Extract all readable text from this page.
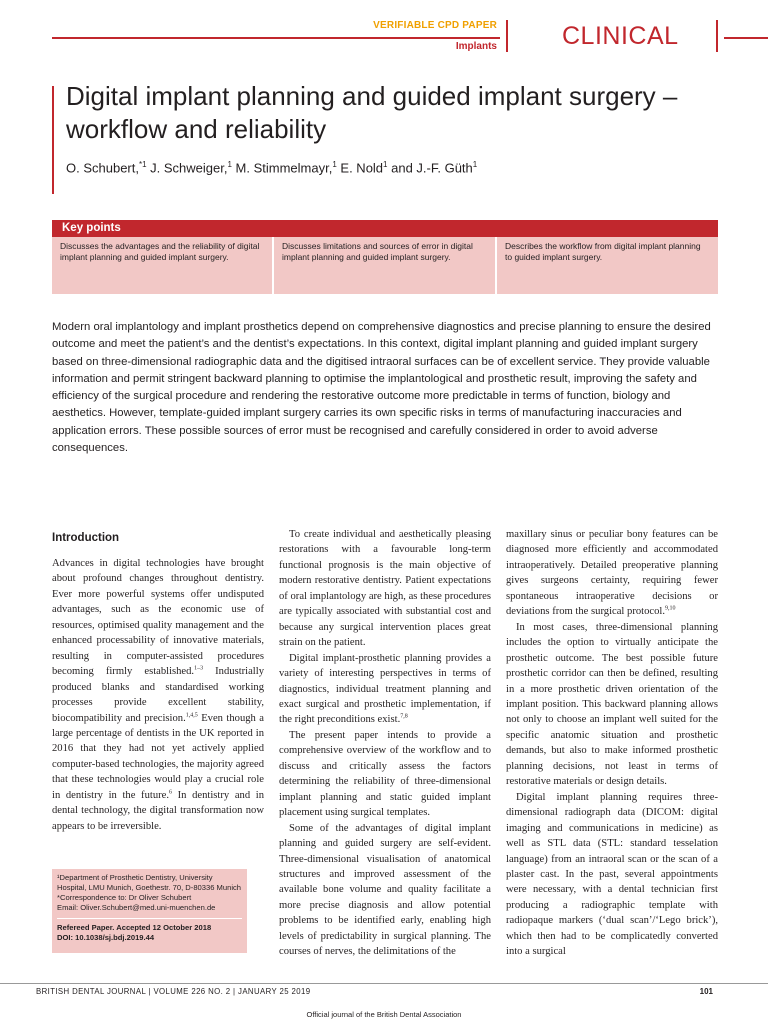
VERIFIABLE CPD PAPER
Implants	CLINICAL
Digital implant planning and guided implant surgery – workflow and reliability
O. Schubert,$^{*1}$ J. Schweiger,$^1$ M. Stimmelmayr,$^1$ E. Nold$^1$ and J.-F. Güth$^1$
Key points
Discusses the advantages and the reliability of digital implant planning and guided implant surgery.
Discusses limitations and sources of error in digital implant planning and guided implant surgery.
Describes the workflow from digital implant planning to guided implant surgery.
Modern oral implantology and implant prosthetics depend on comprehensive diagnostics and precise planning to ensure the desired outcome and meet the patient’s and the dentist’s expectations. In this context, digital implant planning and guided implant surgery based on three-dimensional radiographic data and the digitised intraoral surfaces can be of excellent service. They provide valuable information and permit stringent backward planning to optimise the implantological and prosthetic result, improving the safety and efficiency of the surgical procedure and rendering the restorative outcome more predictable in terms of function, biology and aesthetics. However, template-guided implant surgery carries its own specific risks in terms of manufacturing inaccuracies and application errors. These possible sources of error must be recognised and carefully considered in order to avoid adverse consequences.
Introduction

Advances in digital technologies have brought about profound changes throughout dentistry. Ever more powerful systems offer undisputed advantages, such as the economic use of resources, optimised quality management and the enhanced processability of innovative materials, resulting in computer-assisted procedures becoming firmly established.$^{1-3}$ Industrially produced blanks and standardised working processes provide excellent stability, biocompatibility and precision.$^{1,4,5}$ Even though a large percentage of dentists in the UK reported in 2016 that they had not yet actively applied computer-based technologies, the majority agreed that these technologies would play a crucial role in dentistry in the future.$^6$ In dentistry and in dental technology, the digital transformation now appears to be irreversible.

To create individual and aesthetically pleasing restorations with a favourable long-term functional prognosis is the main objective of modern restorative dentistry. Patient expectations of oral implantology are high, as these procedures are typically associated with substantial cost and because any surgical intervention places great strain on the patient.

Digital implant-prosthetic planning provides a variety of interesting perspectives in terms of diagnostics, individual treatment planning and exact surgical and prosthetic implementation, if the right preconditions exist.$^{7,8}$

The present paper intends to provide a comprehensive overview of the workflow and to discuss and critically assess the factors determining the reliability of three-dimensional implant planning and static guided implant placement using surgical templates.

Some of the advantages of digital implant planning and guided surgery are self-evident. Three-dimensional visualisation of anatomical structures and improved assessment of the available bone volume and quality facilitate a more precise diagnosis and allow potential problems to be identified early, enabling high levels of predictability in surgical planning. The courses of nerves, the delimitations of the

maxillary sinus or peculiar bony features can be diagnosed more efficiently and accommodated intraoperatively. Detailed preoperative planning gives surgeons certainty, requiring fewer spontaneous intraoperative decisions or deviations from the surgical protocol.$^{9,10}$

In most cases, three-dimensional planning includes the option to virtually anticipate the prosthetic outcome. The best possible future prosthetic corridor can then be defined, resulting in a more prosthetic driven orientation of the implant position. This backward planning allows not only to choose an implant well suited for the specific anatomic situation and prosthetic demands, but also to make informed prosthetic planning decisions, not least in terms of restorative materials or design details.

Digital implant planning requires three-dimensional radiograph data (DICOM: digital imaging and communications in medicine) as well as STL data (STL: standard tesselation language) from an intraoral scan or the scan of a plaster cast. In the past, several appointments were necessary, with a dental technician first producing a radiographic template with radiopaque markers (‘dual scan’/‘Lego brick’), which then had to be complicatedly converted into a surgical

¹Department of Prosthetic Dentistry, University Hospital, LMU Munich, Goethestr. 70, D-80336 Munich
*Correspondence to: Dr Oliver Schubert
Email: Oliver.Schubert@med.uni-muenchen.de
Refereed Paper. Accepted 12 October 2018
DOI: 10.1038/sj.bdj.2019.44
BRITISH DENTAL JOURNAL | VOLUME 226 NO. 2 | JANUARY 25 2019	101
Official journal of the British Dental Association
